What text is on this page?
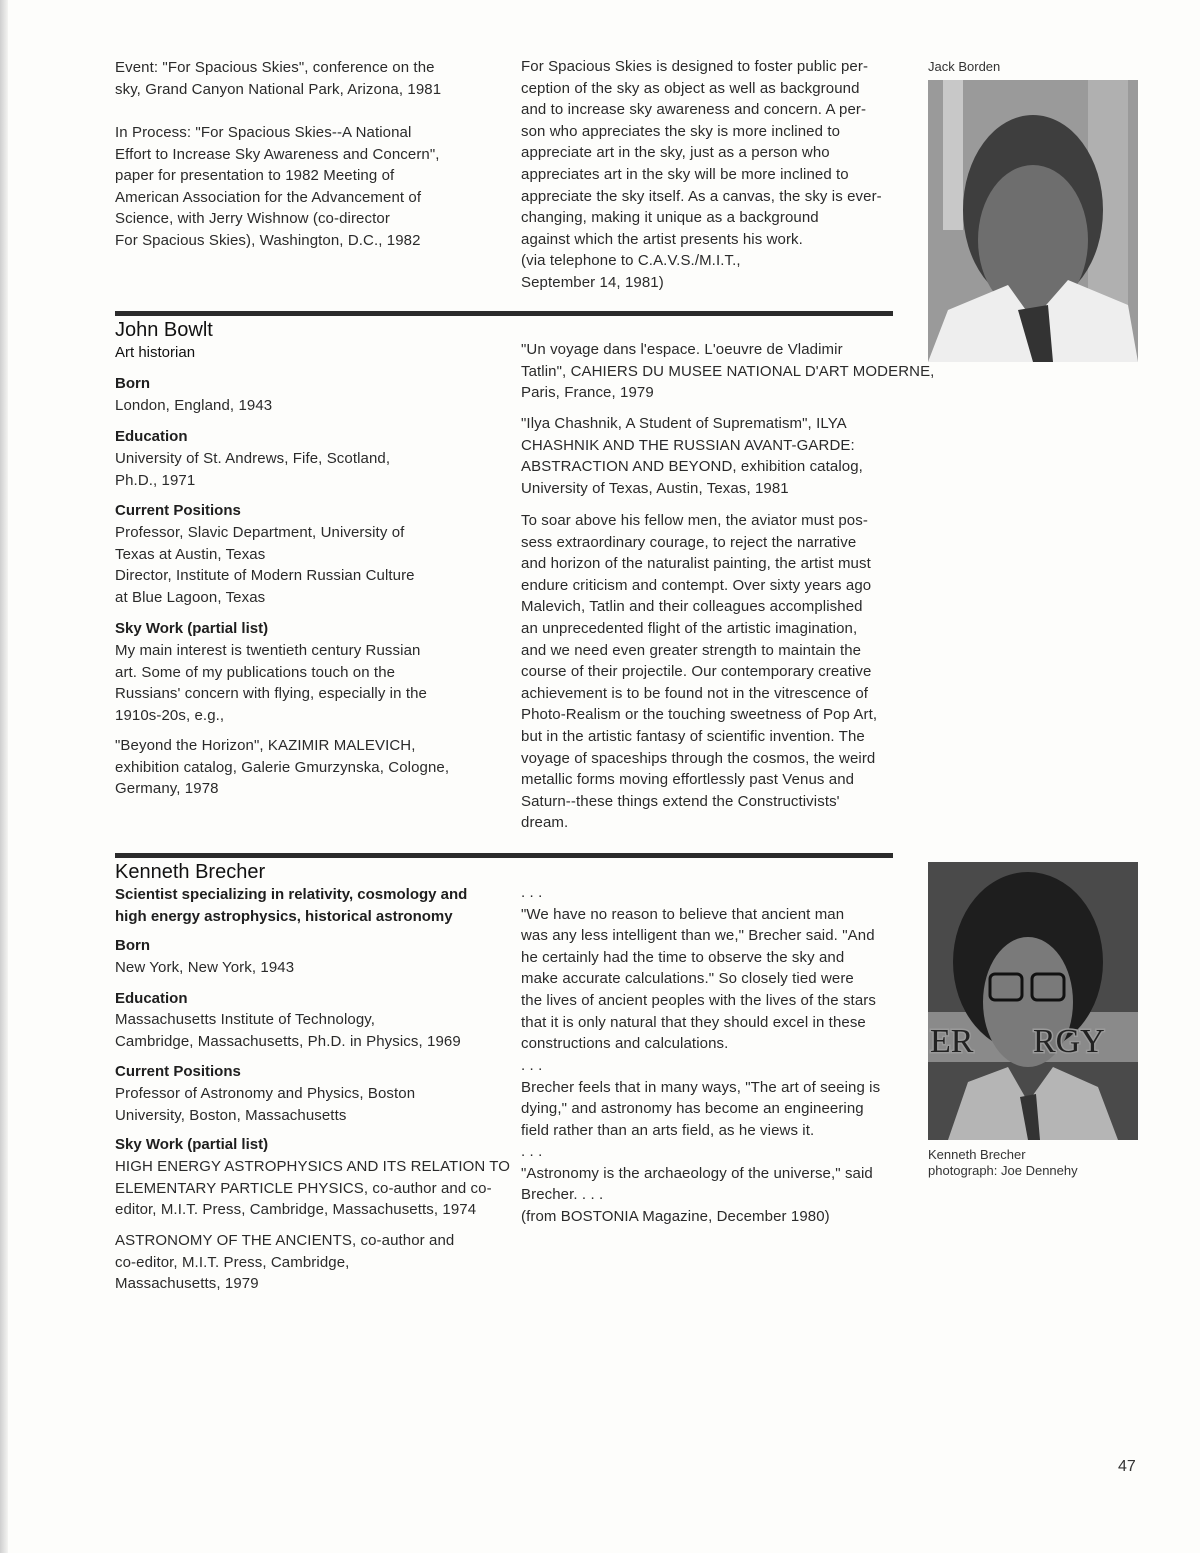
Event: "For Spacious Skies", conference on the
sky, Grand Canyon National Park, Arizona, 1981
In Process: "For Spacious Skies--A National
Effort to Increase Sky Awareness and Concern",
paper for presentation to 1982 Meeting of
American Association for the Advancement of
Science, with Jerry Wishnow (co-director
For Spacious Skies), Washington, D.C., 1982
For Spacious Skies is designed to foster public per-
ception of the sky as object as well as background
and to increase sky awareness and concern. A per-
son who appreciates the sky is more inclined to
appreciate art in the sky, just as a person who
appreciates art in the sky will be more inclined to
appreciate the sky itself. As a canvas, the sky is ever-
changing, making it unique as a background
against which the artist presents his work.
(via telephone to C.A.V.S./M.I.T.,
September 14, 1981)
Jack Borden
John Bowlt
Art historian
Born
London, England, 1943
Education
University of St. Andrews, Fife, Scotland,
Ph.D., 1971
Current Positions
Professor, Slavic Department, University of
Texas at Austin, Texas
Director, Institute of Modern Russian Culture
at Blue Lagoon, Texas
Sky Work (partial list)
My main interest is twentieth century Russian
art. Some of my publications touch on the
Russians' concern with flying, especially in the
1910s-20s, e.g.,
"Beyond the Horizon", KAZIMIR MALEVICH,
exhibition catalog, Galerie Gmurzynska, Cologne,
Germany, 1978
"Un voyage dans l'espace. L'oeuvre de Vladimir
Tatlin", CAHIERS DU MUSEE NATIONAL D'ART MODERNE,
Paris, France, 1979
"Ilya Chashnik, A Student of Suprematism", ILYA
CHASHNIK AND THE RUSSIAN AVANT-GARDE:
ABSTRACTION AND BEYOND, exhibition catalog,
University of Texas, Austin, Texas, 1981
To soar above his fellow men, the aviator must pos-
sess extraordinary courage, to reject the narrative
and horizon of the naturalist painting, the artist must
endure criticism and contempt. Over sixty years ago
Malevich, Tatlin and their colleagues accomplished
an unprecedented flight of the artistic imagination,
and we need even greater strength to maintain the
course of their projectile. Our contemporary creative
achievement is to be found not in the vitrescence of
Photo-Realism or the touching sweetness of Pop Art,
but in the artistic fantasy of scientific invention. The
voyage of spaceships through the cosmos, the weird
metallic forms moving effortlessly past Venus and
Saturn--these things extend the Constructivists'
dream.
Kenneth Brecher
Scientist specializing in relativity, cosmology and
high energy astrophysics, historical astronomy
Born
New York, New York, 1943
Education
Massachusetts Institute of Technology,
Cambridge, Massachusetts, Ph.D. in Physics, 1969
Current Positions
Professor of Astronomy and Physics, Boston
University, Boston, Massachusetts
Sky Work (partial list)
HIGH ENERGY ASTROPHYSICS AND ITS RELATION TO
ELEMENTARY PARTICLE PHYSICS, co-author and co-
editor, M.I.T. Press, Cambridge, Massachusetts, 1974
ASTRONOMY OF THE ANCIENTS, co-author and
co-editor, M.I.T. Press, Cambridge,
Massachusetts, 1979
. . .
"We have no reason to believe that ancient man
was any less intelligent than we," Brecher said. "And
he certainly had the time to observe the sky and
make accurate calculations." So closely tied were
the lives of ancient peoples with the lives of the stars
that it is only natural that they should excel in these
constructions and calculations.
. . .
Brecher feels that in many ways, "The art of seeing is
dying," and astronomy has become an engineering
field rather than an arts field, as he views it.
. . .
"Astronomy is the archaeology of the universe," said
Brecher. . . .
(from BOSTONIA Magazine, December 1980)
ER       RGY
Kenneth Brecher
photograph: Joe Dennehy
47
